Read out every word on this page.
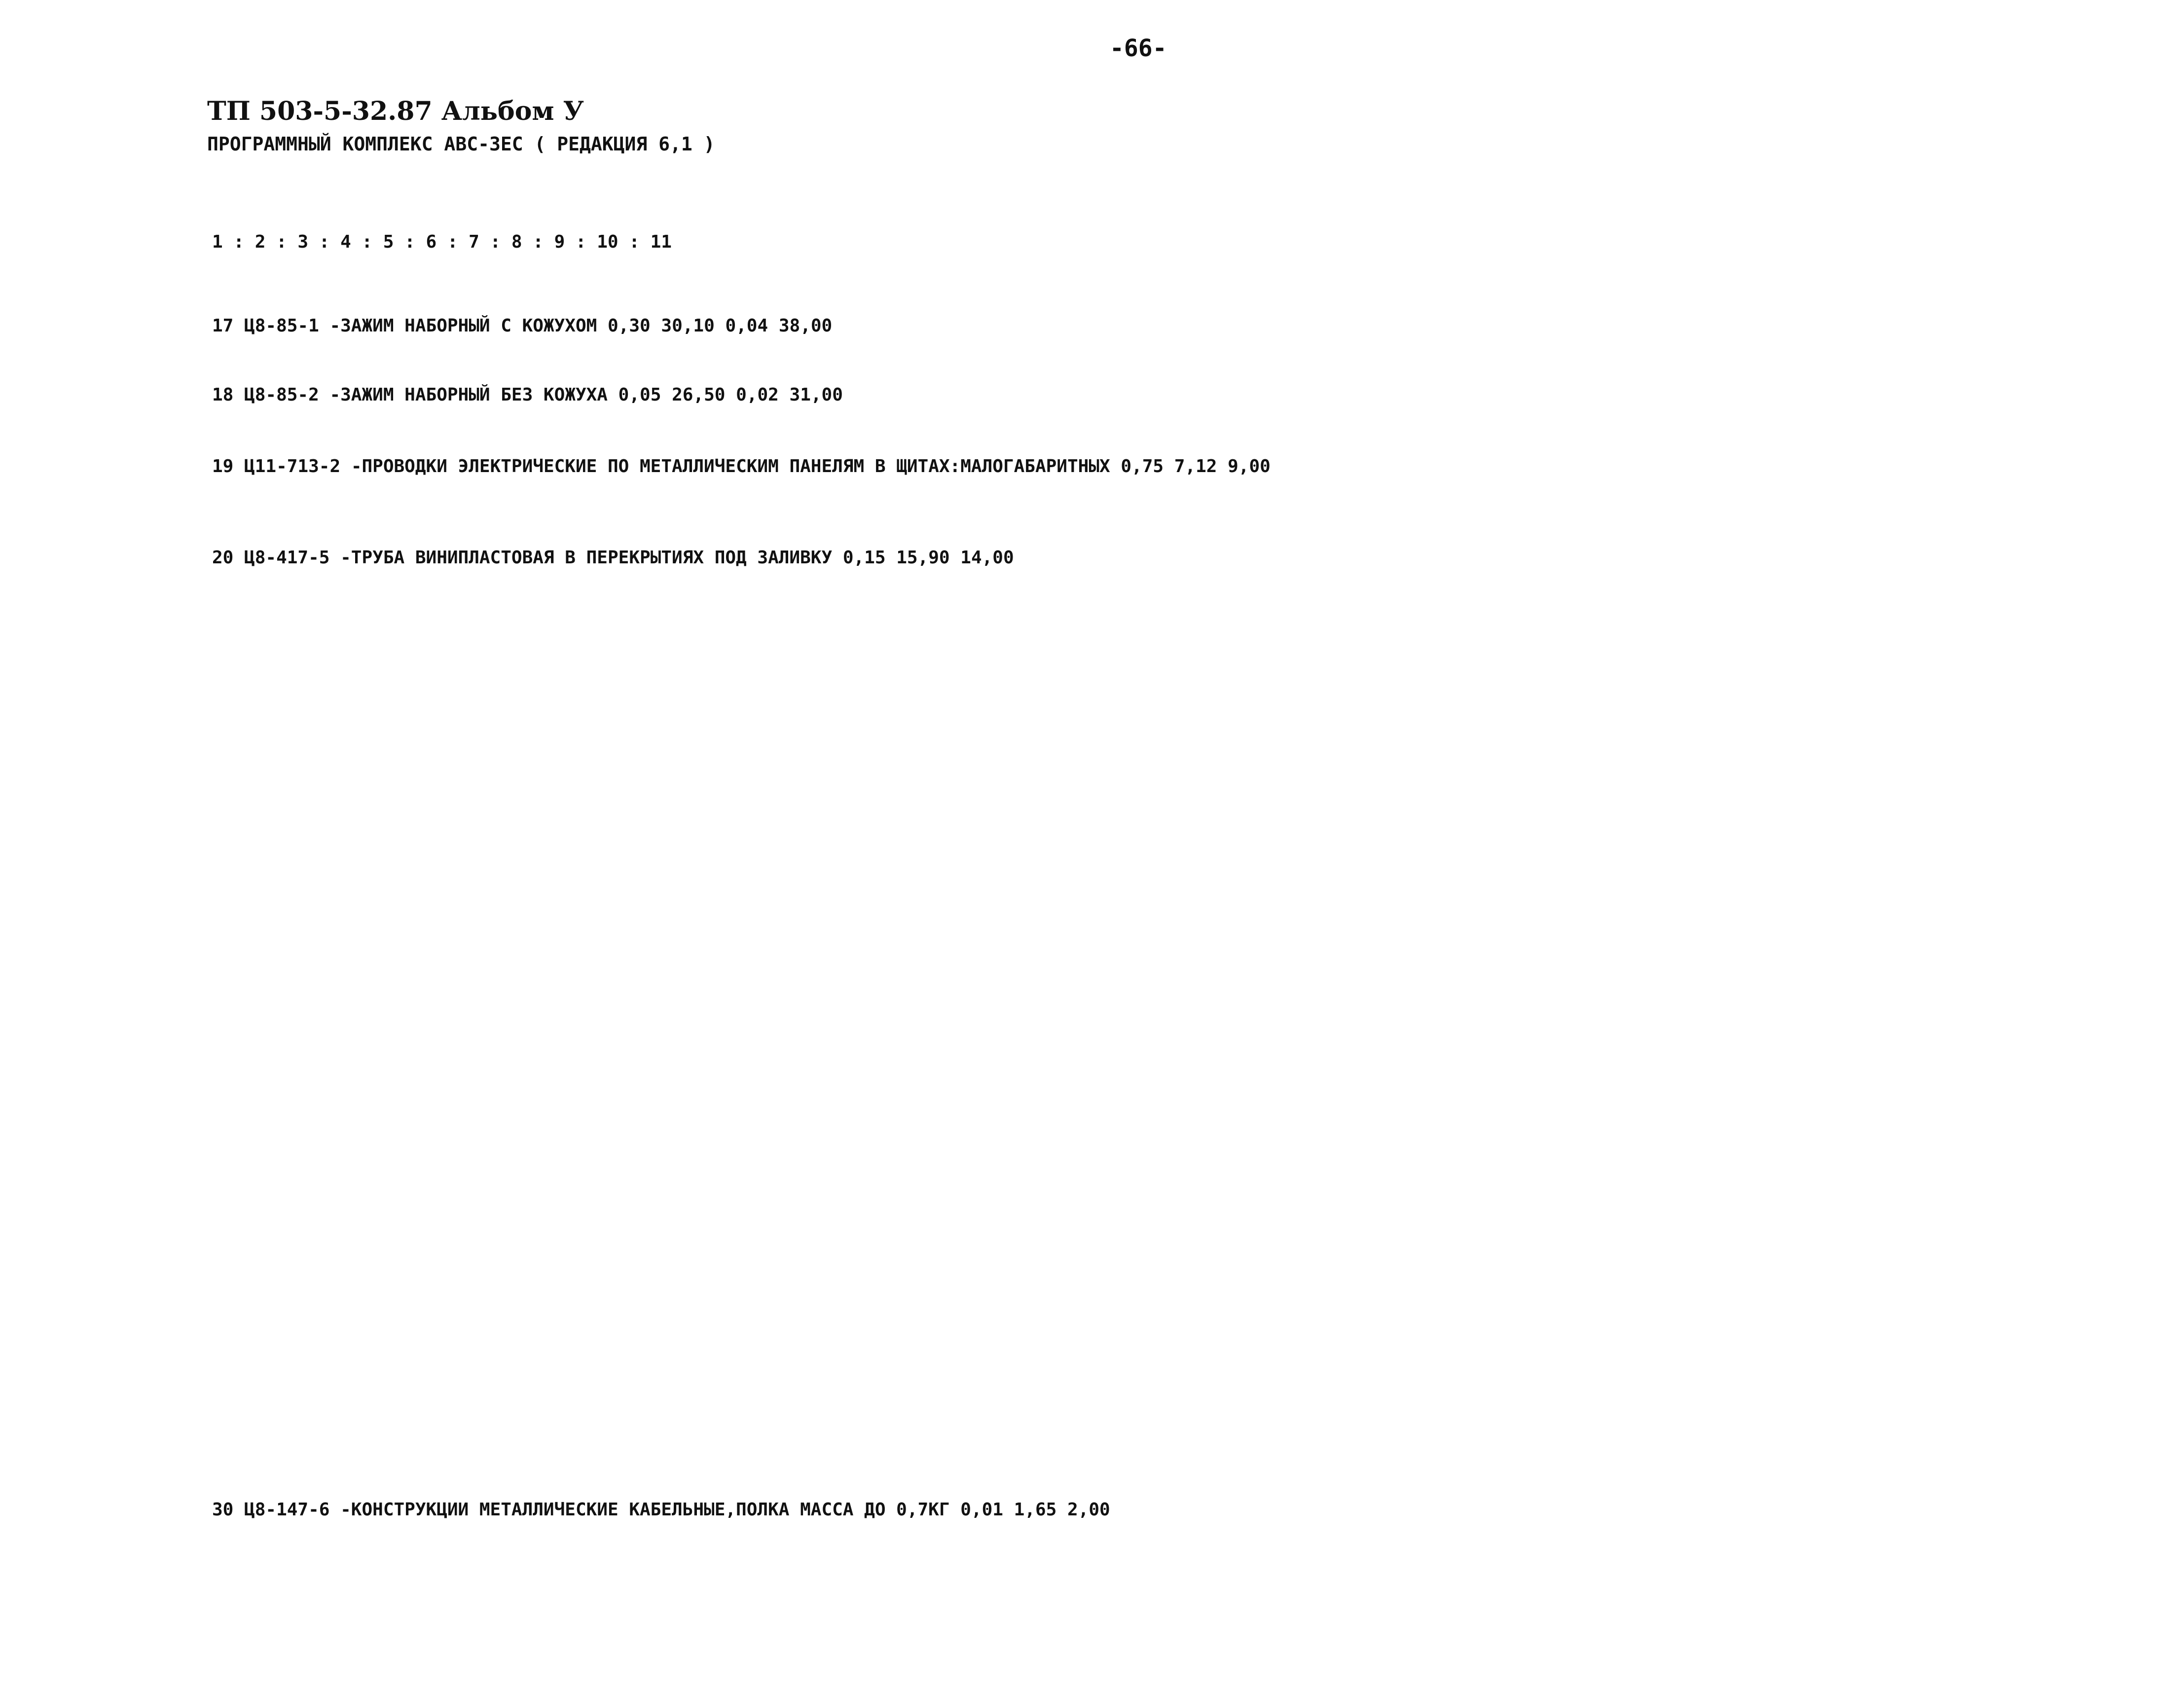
-66-
ТП 503-5-32.87 Альбом У
ПРОГРАММНЫЙ КОМПЛЕКС АВС-ЗЕС ( РЕДАКЦИЯ 6,1 )
1 : 2 : 3 : 4 : 5 : 6 : 7 : 8 : 9 : 10 : 11
17 Ц8-85-1 -ЗАЖИМ НАБОРНЫЙ С КОЖУХОМ 0,30 30,10 0,04 38,00
18 Ц8-85-2 -ЗАЖИМ НАБОРНЫЙ БЕЗ КОЖУХА 0,05 26,50 0,02 31,00
19 Ц11-713-2 -ПРОВОДКИ ЭЛЕКТРИЧЕСКИЕ ПО МЕТАЛЛИЧЕСКИМ ПАНЕЛЯМ В ЩИТАХ:МАЛОГАБАРИТНЫХ 0,75 7,12 9,00
20 Ц8-417-5 -ТРУБА ВИНИПЛАСТОВАЯ В ПЕРЕКРЫТИЯХ ПОД ЗАЛИВКУ 0,15 15,90 14,00
30 Ц8-147-6 -КОНСТРУКЦИИ МЕТАЛЛИЧЕСКИЕ КАБЕЛЬНЫЕ,ПОЛКА МАССА ДО 0,7КГ 0,01 1,65 2,00
